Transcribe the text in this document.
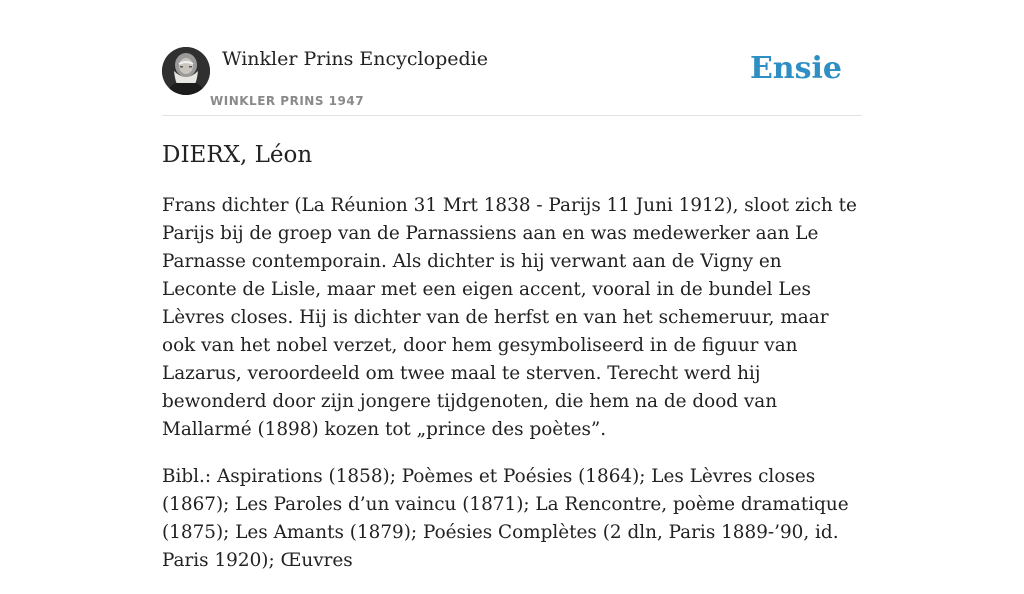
Winkler Prins Encyclopedie
WINKLER PRINS 1947
Ensie
DIERX, Léon

Frans dichter (La Réunion 31 Mrt 1838 - Parijs 11 Juni 1912), sloot zich te Parijs bij de groep van de Parnassiens aan en was medewerker aan Le Parnasse contemporain. Als dichter is hij verwant aan de Vigny en Leconte de Lisle, maar met een eigen accent, vooral in de bundel Les Lèvres closes. Hij is dichter van de herfst en van het schemeruur, maar ook van het nobel verzet, door hem gesymboliseerd in de figuur van Lazarus, veroordeeld om twee maal te sterven. Terecht werd hij bewonderd door zijn jongere tijdgenoten, die hem na de dood van Mallarmé (1898) kozen tot „prince des poètes”.

Bibl.: Aspirations (1858); Poèmes et Poésies (1864); Les Lèvres closes (1867); Les Paroles d’un vaincu (1871); La Rencontre, poème dramatique (1875); Les Amants (1879); Poésies Complètes (2 dln, Paris 1889-’90, id. Paris 1920); Œuvres
